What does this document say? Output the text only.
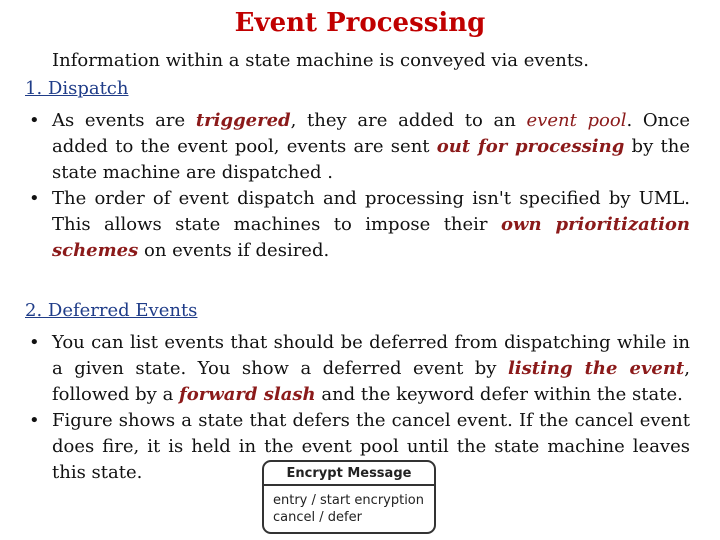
Event Processing
Information within a state machine is conveyed via events.
1. Dispatch
• As events are triggered, they are added to an event pool. Once added to the event pool, events are sent out for processing by the state machine are dispatched .
• The order of event dispatch and processing isn't specified by UML. This allows state machines to impose their own prioritization schemes on events if desired.
2. Deferred Events
• You can list events that should be deferred from dispatching while in a given state. You show a deferred event by listing the event, followed by a forward slash and the keyword defer within the state.
• Figure shows a state that defers the cancel event. If the cancel event does fire, it is held in the event pool until the state machine leaves this state.	Encrypt Message
entry / start encryption
cancel / defer
